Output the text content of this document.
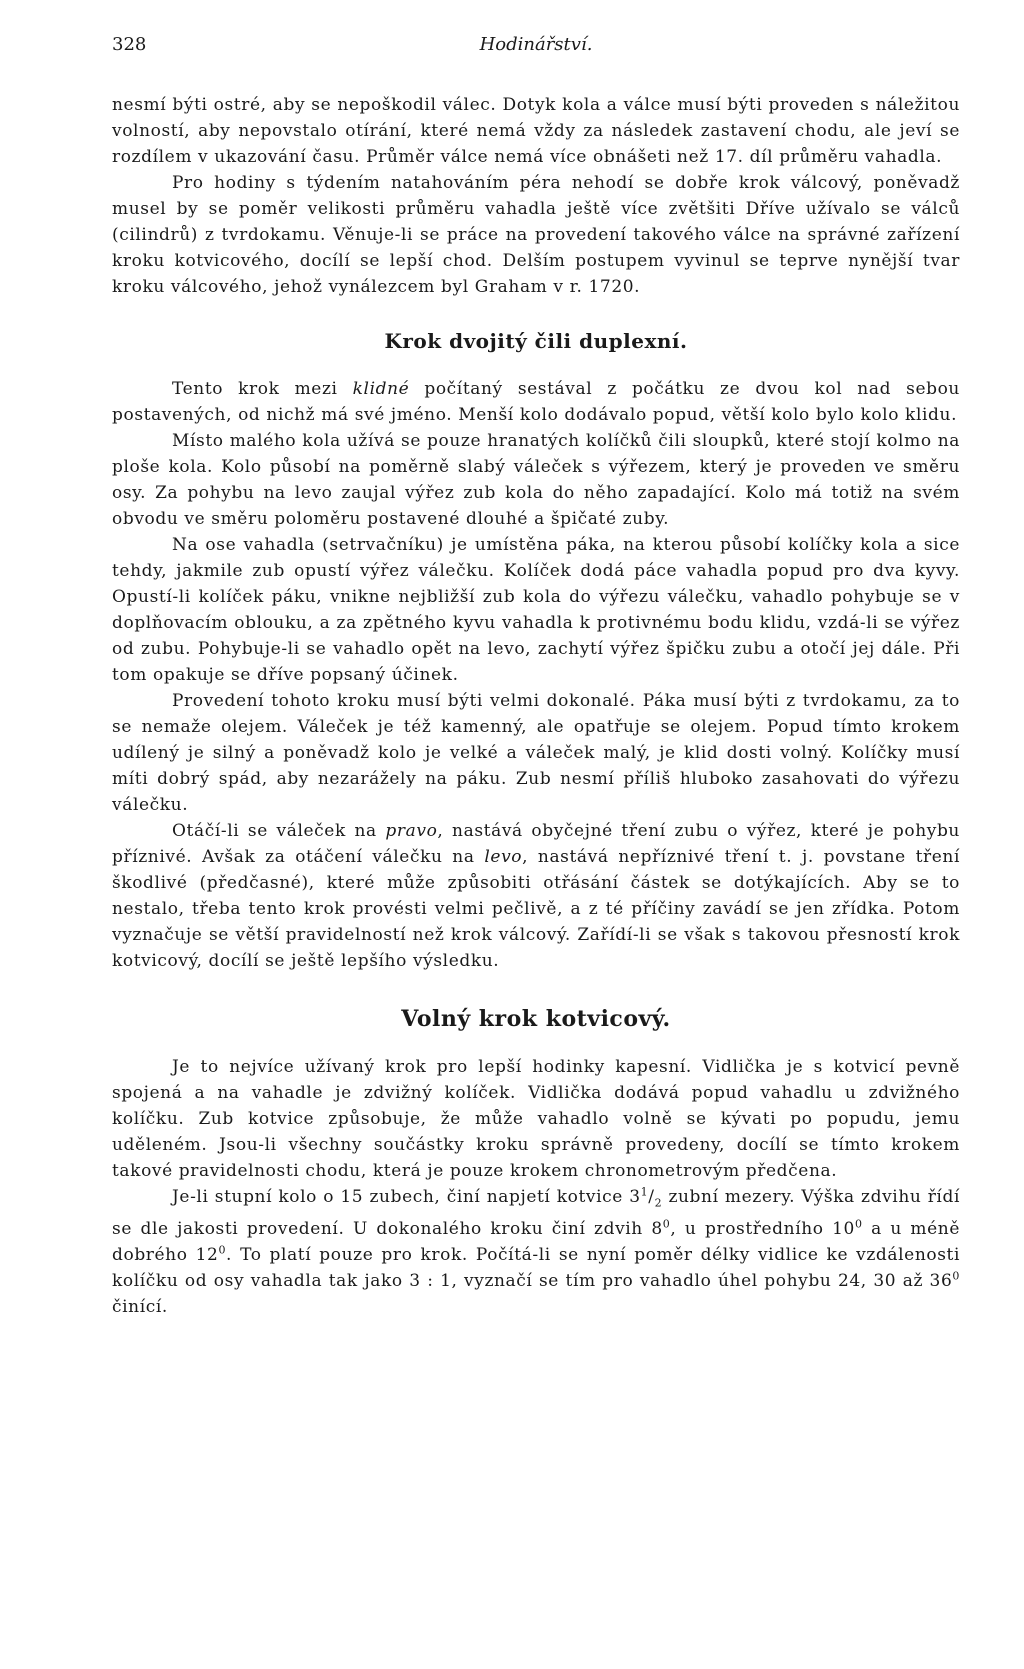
328	Hodinářství.

nesmí býti ostré, aby se nepoškodil válec. Dotyk kola a válce musí býti proveden s náležitou volností, aby nepovstalo otírání, které nemá vždy za následek zastavení chodu, ale jeví se rozdílem v ukazování času. Průměr válce nemá více obnášeti než 17. díl průměru vahadla.

Pro hodiny s týdením natahováním péra nehodí se dobře krok válcový, poněvadž musel by se poměr velikosti průměru vahadla ještě více zvětšiti Dříve užívalo se válců (cilindrů) z tvrdokamu. Věnuje-li se práce na provedení takového válce na správné zařízení kroku kotvicového, docílí se lepší chod. Delším postupem vyvinul se teprve nynější tvar kroku válcového, jehož vynálezcem byl Graham v r. 1720.

Krok dvojitý čili duplexní.

Tento krok mezi klidné počítaný sestával z počátku ze dvou kol nad sebou postavených, od nichž má své jméno. Menší kolo dodávalo popud, větší kolo bylo kolo klidu.

Místo malého kola užívá se pouze hranatých kolíčků čili sloupků, které stojí kolmo na ploše kola. Kolo působí na poměrně slabý váleček s výřezem, který je proveden ve směru osy. Za pohybu na levo zaujal výřez zub kola do něho zapadající. Kolo má totiž na svém obvodu ve směru poloměru postavené dlouhé a špičaté zuby.

Na ose vahadla (setrvačníku) je umístěna páka, na kterou působí kolíčky kola a sice tehdy, jakmile zub opustí výřez válečku. Kolíček dodá páce vahadla popud pro dva kyvy. Opustí-li kolíček páku, vnikne nejbližší zub kola do výřezu válečku, vahadlo pohybuje se v doplňovacím oblouku, a za zpětného kyvu vahadla k protivnému bodu klidu, vzdá-li se výřez od zubu. Pohybuje-li se vahadlo opět na levo, zachytí výřez špičku zubu a otočí jej dále. Při tom opakuje se dříve popsaný účinek.

Provedení tohoto kroku musí býti velmi dokonalé. Páka musí býti z tvrdokamu, za to se nemaže olejem. Váleček je též kamenný, ale opatřuje se olejem. Popud tímto krokem udílený je silný a poněvadž kolo je velké a váleček malý, je klid dosti volný. Kolíčky musí míti dobrý spád, aby nezarážely na páku. Zub nesmí příliš hluboko zasahovati do výřezu válečku.

Otáčí-li se váleček na pravo, nastává obyčejné tření zubu o výřez, které je pohybu příznivé. Avšak za otáčení válečku na levo, nastává nepříznivé tření t. j. povstane tření škodlivé (předčasné), které může způsobiti otřásání částek se dotýkajících. Aby se to nestalo, třeba tento krok provésti velmi pečlivě, a z té příčiny zavádí se jen zřídka. Potom vyznačuje se větší pravidelností než krok válcový. Zařídí-li se však s takovou přesností krok kotvicový, docílí se ještě lepšího výsledku.

Volný krok kotvicový.

Je to nejvíce užívaný krok pro lepší hodinky kapesní. Vidlička je s kotvicí pevně spojená a na vahadle je zdvižný kolíček. Vidlička dodává popud vahadlu u zdvižného kolíčku. Zub kotvice způsobuje, že může vahadlo volně se kývati po popudu, jemu uděleném. Jsou-li všechny součástky kroku správně provedeny, docílí se tímto krokem takové pravidelnosti chodu, která je pouze krokem chronometrovým předčena.

Je-li stupní kolo o 15 zubech, činí napjetí kotvice $3^1/_2$ zubní mezery. Výška zdvihu řídí se dle jakosti provedení. U dokonalého kroku činí zdvih $8^0$, u prostředního $10^0$ a u méně dobrého $12^0$. To platí pouze pro krok. Počítá-li se nyní poměr délky vidlice ke vzdálenosti kolíčku od osy vahadla tak jako 3 : 1, vyznačí se tím pro vahadlo úhel pohybu 24, 30 až $36^0$ činící.
